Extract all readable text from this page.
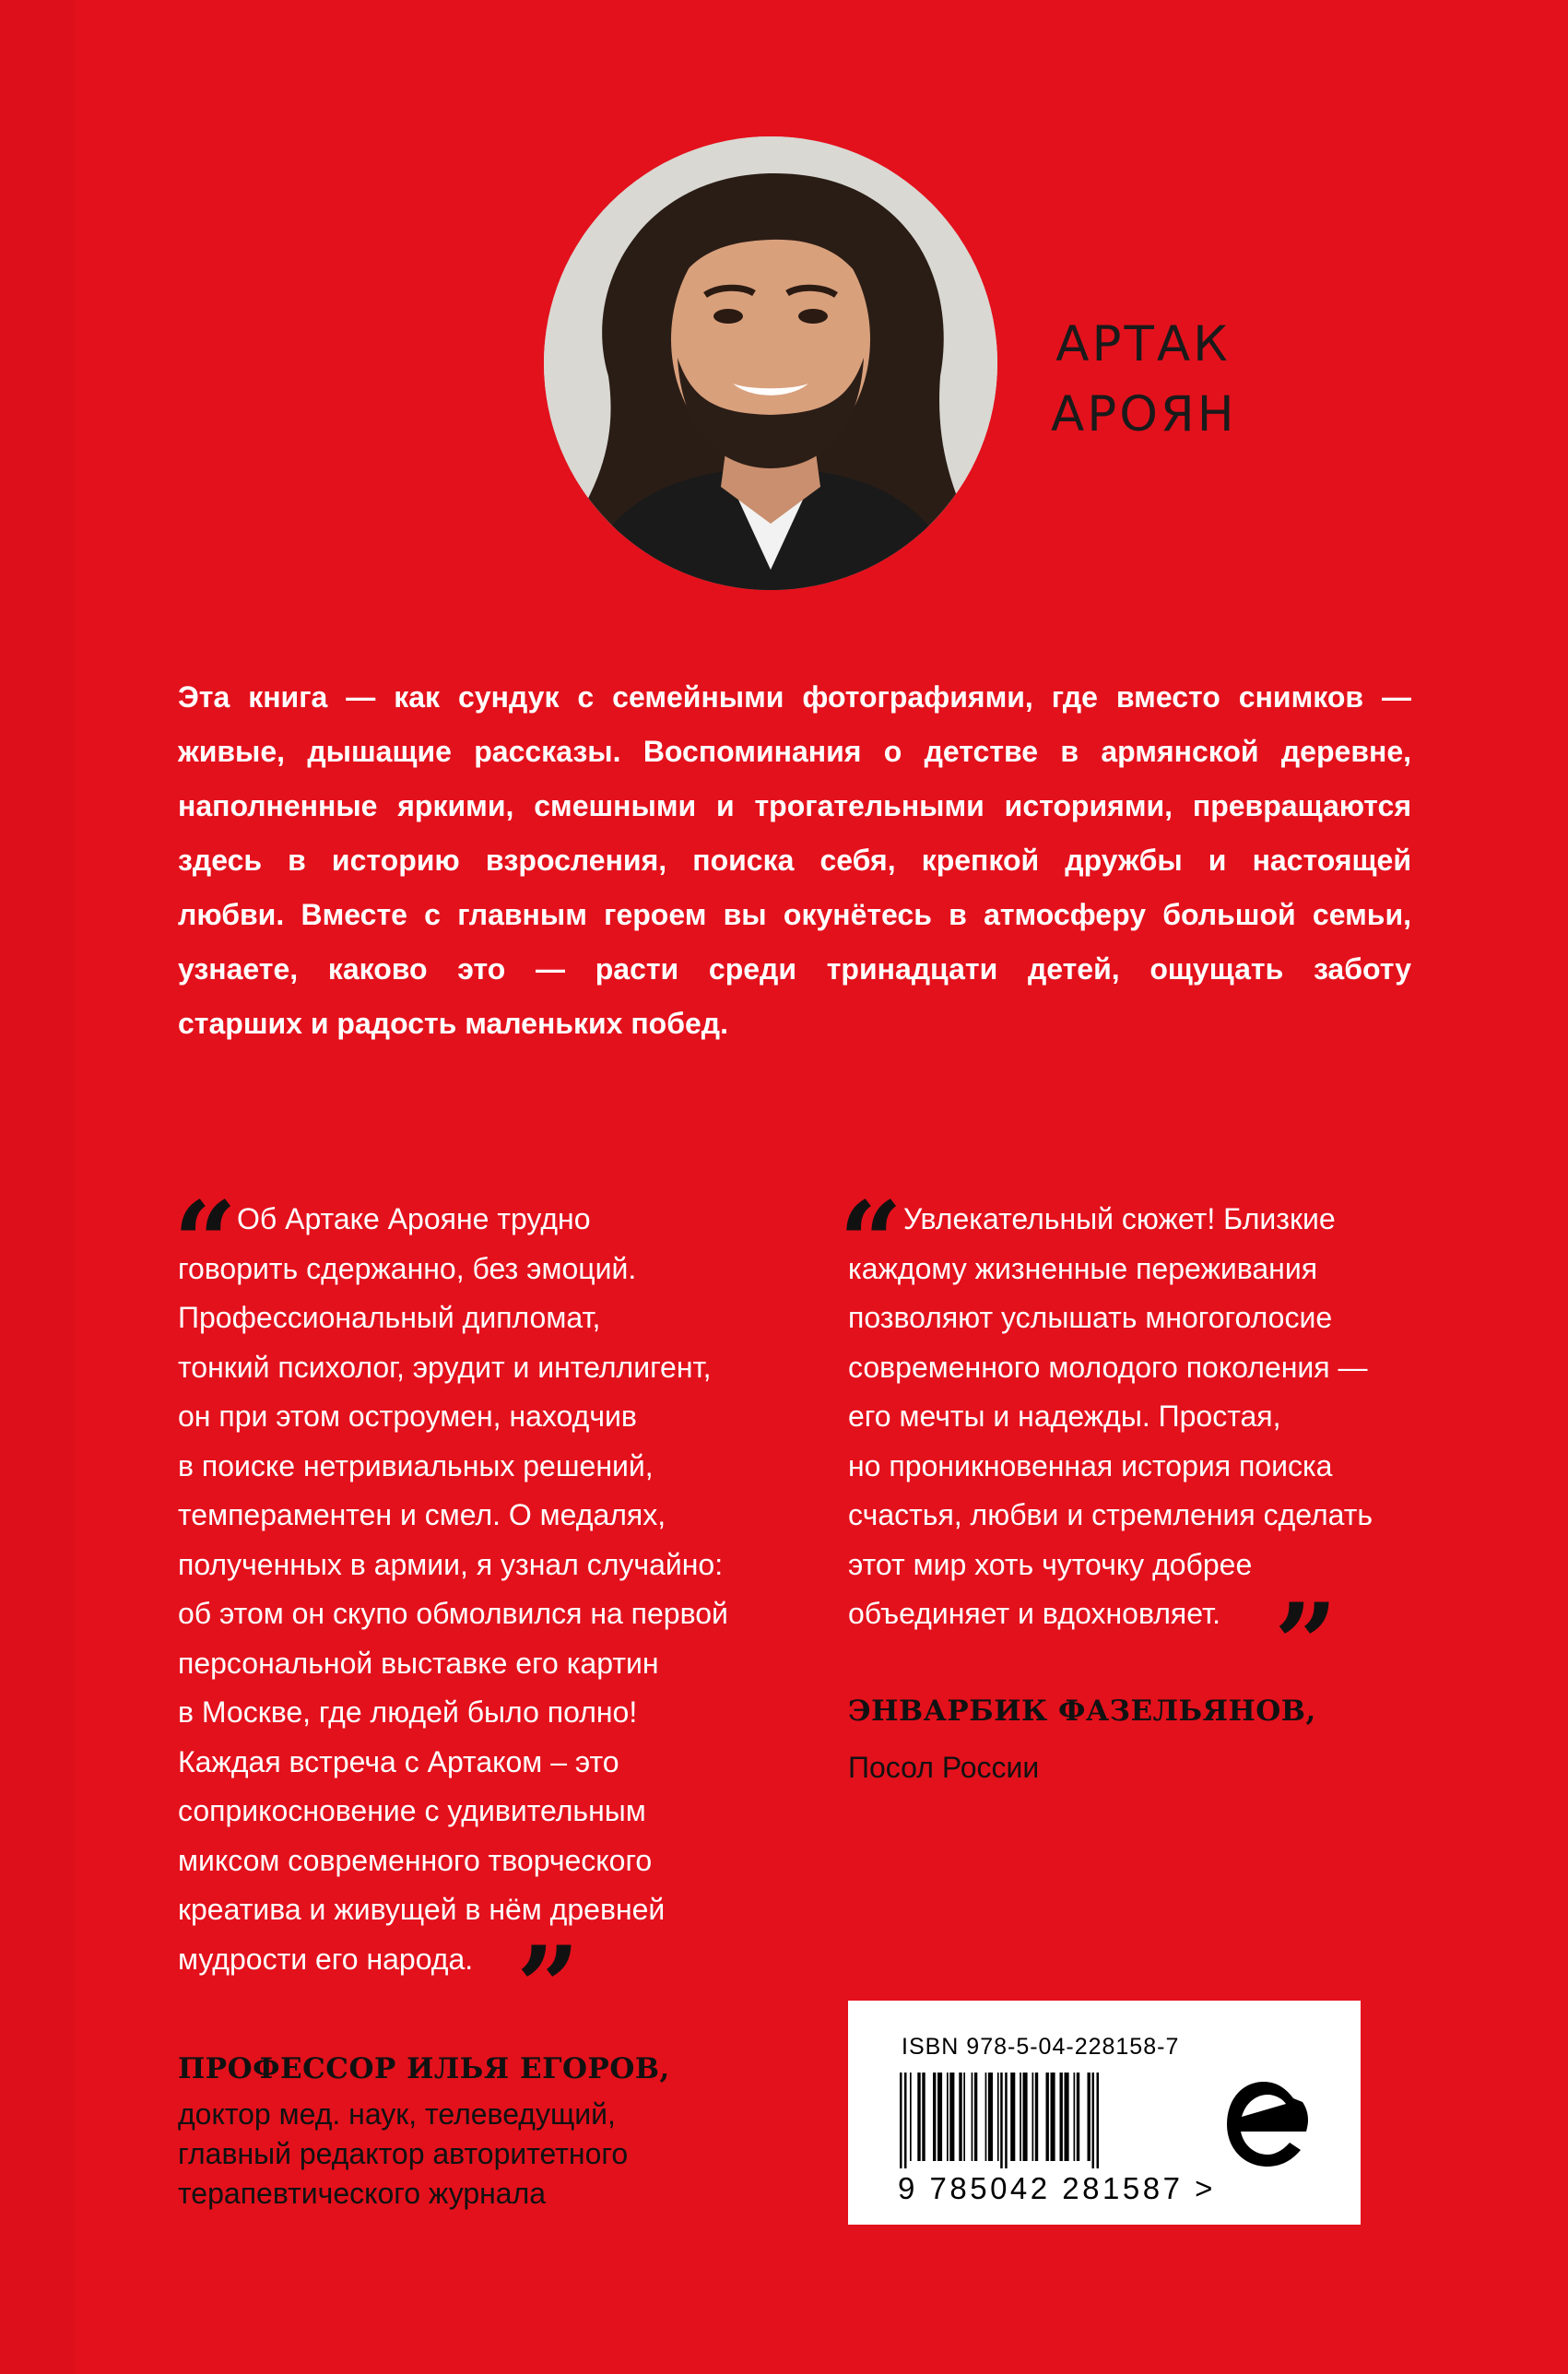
АРТАК
АРОЯН
Эта книга — как сундук с семейными фотографиями, где вместо снимков —
живые, дышащие рассказы. Воспоминания о детстве в армянской деревне,
наполненные яркими, смешными и трогательными историями, превращаются
здесь в историю взросления, поиска себя, крепкой дружбы и настоящей
любви. Вместе с главным героем вы окунётесь в атмосферу большой семьи,
узнаете, каково это — расти среди тринадцати детей, ощущать заботу
старших и радость маленьких побед.
“ Об Артаке Арояне трудно
говорить сдержанно, без эмоций.
Профессиональный дипломат,
тонкий психолог, эрудит и интеллигент,
он при этом остроумен, находчив
в поиске нетривиальных решений,
темпераментен и смел. О медалях,
полученных в армии, я узнал случайно:
об этом он скупо обмолвился на первой
персональной выставке его картин
в Москве, где людей было полно!
Каждая встреча с Артаком – это
соприкосновение с удивительным
миксом современного творческого
креатива и живущей в нём древней
мудрости его народа. ”
ПРОФЕССОР ИЛЬЯ ЕГОРОВ,
доктор мед. наук, телеведущий,
главный редактор авторитетного
терапевтического журнала
“ Увлекательный сюжет! Близкие
каждому жизненные переживания
позволяют услышать многоголосие
современного молодого поколения —
его мечты и надежды. Простая,
но проникновенная история поиска
счастья, любви и стремления сделать
этот мир хоть чуточку добрее
объединяет и вдохновляет. ”
ЭНВАРБИК ФАЗЕЛЬЯНОВ,
Посол России
ISBN 978-5-04-228158-7
9 785042 281587 >
